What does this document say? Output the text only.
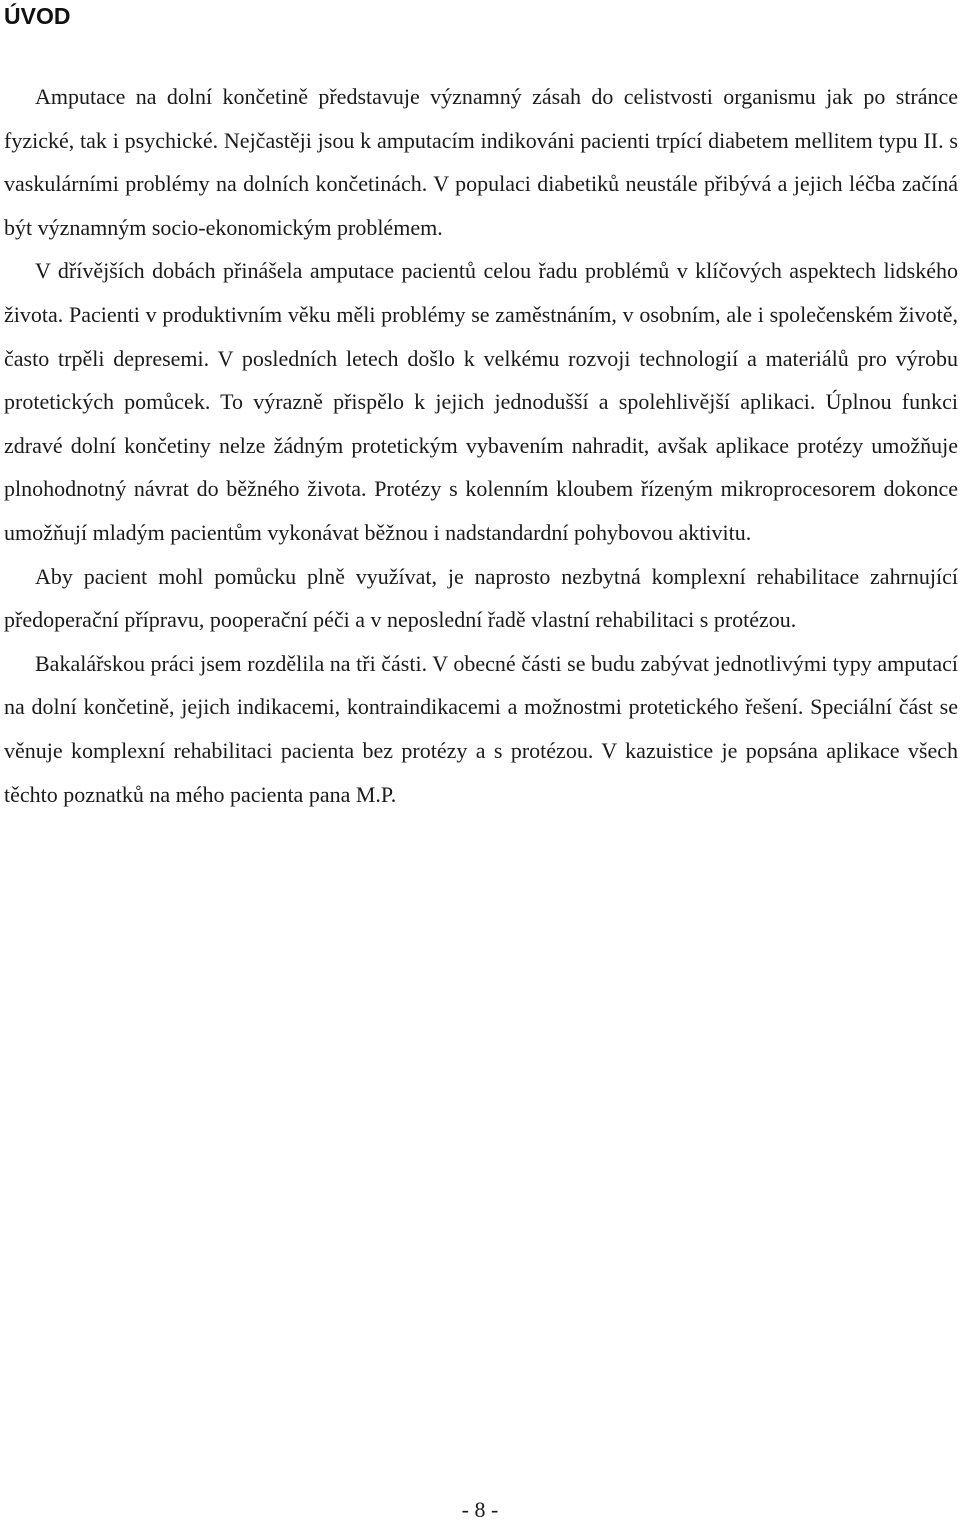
ÚVOD

Amputace na dolní končetině představuje významný zásah do celistvosti organismu jak po stránce fyzické, tak i psychické. Nejčastěji jsou k amputacím indikováni pacienti trpící diabetem mellitem typu II. s vaskulárními problémy na dolních končetinách. V populaci diabetiků neustále přibývá a jejich léčba začíná být významným socio-ekonomickým problémem.

V dřívějších dobách přinášela amputace pacientů celou řadu problémů v klíčových aspektech lidského života. Pacienti v produktivním věku měli problémy se zaměstnáním, v osobním, ale i společenském životě, často trpěli depresemi. V posledních letech došlo k velkému rozvoji technologií a materiálů pro výrobu protetických pomůcek. To výrazně přispělo k jejich jednodušší a spolehlivější aplikaci. Úplnou funkci zdravé dolní končetiny nelze žádným protetickým vybavením nahradit, avšak aplikace protézy umožňuje plnohodnotný návrat do běžného života. Protézy s kolenním kloubem řízeným mikroprocesorem dokonce umožňují mladým pacientům vykonávat běžnou i nadstandardní pohybovou aktivitu.

Aby pacient mohl pomůcku plně využívat, je naprosto nezbytná komplexní rehabilitace zahrnující předoperační přípravu, pooperační péči a v neposlední řadě vlastní rehabilitaci s protézou.

Bakalářskou práci jsem rozdělila na tři části. V obecné části se budu zabývat jednotlivými typy amputací na dolní končetině, jejich indikacemi, kontraindikacemi a možnostmi protetického řešení. Speciální část se věnuje komplexní rehabilitaci pacienta bez protézy a s protézou. V kazuistice je popsána aplikace všech těchto poznatků na mého pacienta pana M.P.

- 8 -
